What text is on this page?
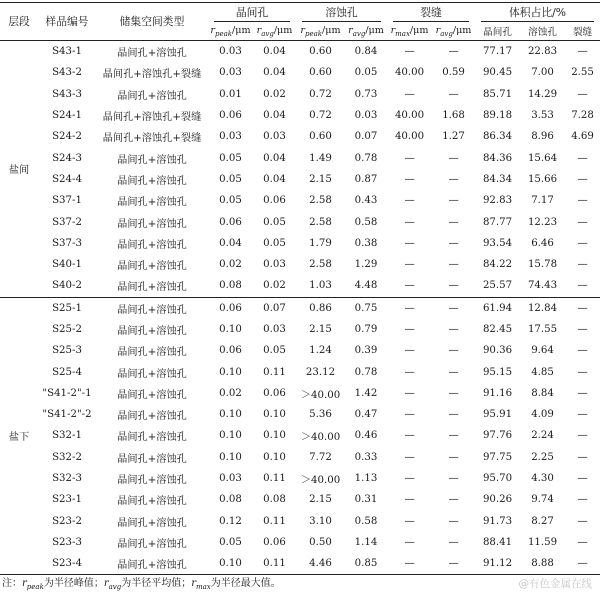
层段	样品编号	储集空间类型	晶间孔		溶蚀孔		裂缝		体积占比/%		
			$r_{peak}/\mu m$	$r_{avg}/\mu m$	$r_{peak}/\mu m$	$r_{avg}/\mu m$	$r_{max}/\mu m$	$r_{avg}/\mu m$	晶间孔	溶蚀孔	裂缝
盐间	S43-1	晶间孔+溶蚀孔	0.03	0.04	0.60	0.84	—	—	77.17	22.83	—
	S43-2	晶间孔+溶蚀孔+裂缝	0.03	0.04	0.60	0.05	40.00	0.59	90.45	7.00	2.55
	S43-3	晶间孔+溶蚀孔	0.01	0.02	0.72	0.73	—	—	85.71	14.29	—
	S24-1	晶间孔+溶蚀孔+裂缝	0.06	0.04	0.72	0.03	40.00	1.68	89.18	3.53	7.28
	S24-2	晶间孔+溶蚀孔+裂缝	0.03	0.03	0.60	0.07	40.00	1.27	86.34	8.96	4.69
	S24-3	晶间孔+溶蚀孔	0.05	0.04	1.49	0.78	—	—	84.36	15.64	—
	S24-4	晶间孔+溶蚀孔	0.05	0.04	2.15	0.87	—	—	84.34	15.66	—
	S37-1	晶间孔+溶蚀孔	0.05	0.06	2.58	0.43	—	—	92.83	7.17	—
	S37-2	晶间孔+溶蚀孔	0.06	0.05	2.58	0.58	—	—	87.77	12.23	—
	S37-3	晶间孔+溶蚀孔	0.04	0.05	1.79	0.38	—	—	93.54	6.46	—
	S40-1	晶间孔+溶蚀孔	0.02	0.03	2.58	1.29	—	—	84.22	15.78	—
	S40-2	晶间孔+溶蚀孔	0.08	0.02	1.03	4.48	—	—	25.57	74.43	—
盐下	S25-1	晶间孔+溶蚀孔	0.06	0.07	0.86	0.75	—	—	61.94	12.84	—
	S25-2	晶间孔+溶蚀孔	0.10	0.03	2.15	0.79	—	—	82.45	17.55	—
	S25-3	晶间孔+溶蚀孔	0.06	0.05	1.24	0.39	—	—	90.36	9.64	—
	S25-4	晶间孔+溶蚀孔	0.10	0.11	23.12	0.78	—	—	95.15	4.85	—
	"S41-2"-1	晶间孔+溶蚀孔	0.02	0.06	＞40.00	1.42	—	—	91.16	8.84	—
	"S41-2"-2	晶间孔+溶蚀孔	0.10	0.10	5.36	0.47	—	—	95.91	4.09	—
	S32-1	晶间孔+溶蚀孔	0.10	0.10	＞40.00	0.46	—	—	97.76	2.24	—
	S32-2	晶间孔+溶蚀孔	0.10	0.10	7.72	0.33	—	—	97.75	2.25	—
	S32-3	晶间孔+溶蚀孔	0.03	0.11	＞40.00	1.13	—	—	95.70	4.30	—
	S23-1	晶间孔+溶蚀孔	0.08	0.08	2.15	0.31	—	—	90.26	9.74	—
	S23-2	晶间孔+溶蚀孔	0.12	0.11	3.10	0.58	—	—	91.73	8.27	—
	S23-3	晶间孔+溶蚀孔	0.05	0.06	0.50	1.14	—	—	88.41	11.59	—
	S23-4	晶间孔+溶蚀孔	0.10	0.11	4.46	0.85	—	—	91.12	8.88	—
注：$r_{peak}$为半径峰值；$r_{avg}$为半径平均值；$r_{max}$为半径最大值。	@有色金属在线
